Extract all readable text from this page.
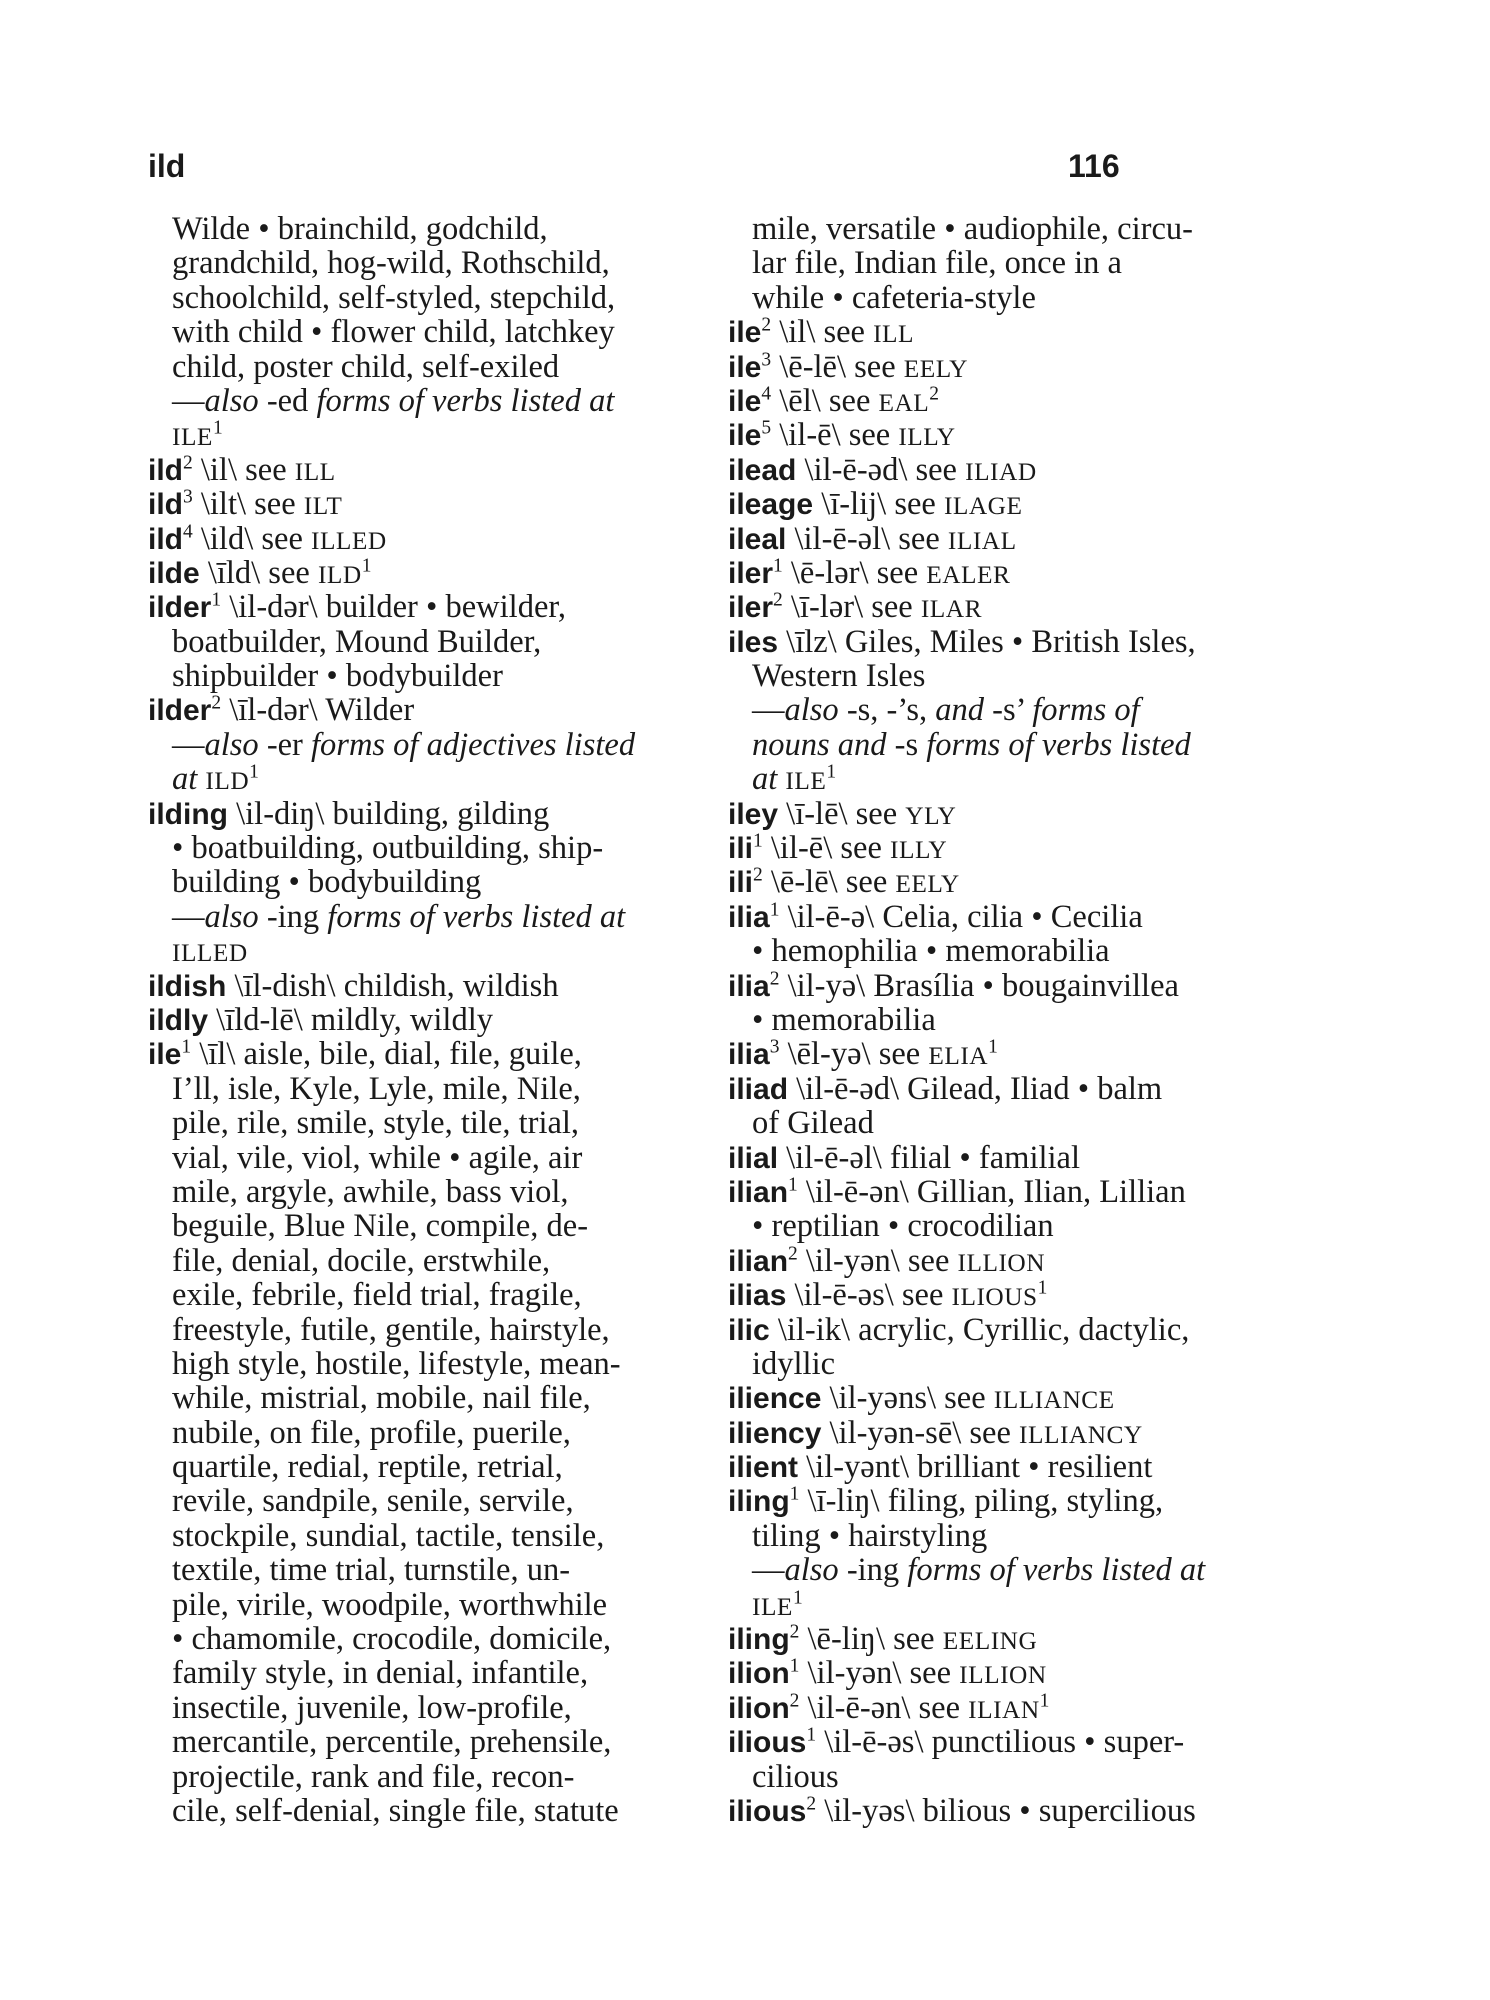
ild	116
Wilde • brainchild, godchild,
grandchild, hog-wild, Rothschild,
schoolchild, self-styled, stepchild,
with child • flower child, latchkey
child, poster child, self-exiled
—also -ed forms of verbs listed at
ILE$^1$
ild$^2$ \il\ see ILL
ild$^3$ \ilt\ see ILT
ild$^4$ \ild\ see ILLED
ilde \īld\ see ILD$^1$
ilder$^1$ \il-dər\ builder • bewilder,
boatbuilder, Mound Builder,
shipbuilder • bodybuilder
ilder$^2$ \īl-dər\ Wilder
—also -er forms of adjectives listed
at ILD$^1$
ilding \il-diŋ\ building, gilding
• boatbuilding, outbuilding, ship-
building • bodybuilding
—also -ing forms of verbs listed at
ILLED
ildish \īl-dish\ childish, wildish
ildly \īld-lē\ mildly, wildly
ile$^1$ \īl\ aisle, bile, dial, file, guile,
I’ll, isle, Kyle, Lyle, mile, Nile,
pile, rile, smile, style, tile, trial,
vial, vile, viol, while • agile, air
mile, argyle, awhile, bass viol,
beguile, Blue Nile, compile, de-
file, denial, docile, erstwhile,
exile, febrile, field trial, fragile,
freestyle, futile, gentile, hairstyle,
high style, hostile, lifestyle, mean-
while, mistrial, mobile, nail file,
nubile, on file, profile, puerile,
quartile, redial, reptile, retrial,
revile, sandpile, senile, servile,
stockpile, sundial, tactile, tensile,
textile, time trial, turnstile, un-
pile, virile, woodpile, worthwhile
• chamomile, crocodile, domicile,
family style, in denial, infantile,
insectile, juvenile, low-profile,
mercantile, percentile, prehensile,
projectile, rank and file, recon-
cile, self-denial, single file, statute
mile, versatile • audiophile, circu-
lar file, Indian file, once in a
while • cafeteria-style
ile$^2$ \il\ see ILL
ile$^3$ \ē-lē\ see EELY
ile$^4$ \ēl\ see EAL$^2$
ile$^5$ \il-ē\ see ILLY
ilead \il-ē-əd\ see ILIAD
ileage \ī-lij\ see ILAGE
ileal \il-ē-əl\ see ILIAL
iler$^1$ \ē-lər\ see EALER
iler$^2$ \ī-lər\ see ILAR
iles \īlz\ Giles, Miles • British Isles,
Western Isles
—also -s, -’s, and -s’ forms of
nouns and -s forms of verbs listed
at ILE$^1$
iley \ī-lē\ see YLY
ili$^1$ \il-ē\ see ILLY
ili$^2$ \ē-lē\ see EELY
ilia$^1$ \il-ē-ə\ Celia, cilia • Cecilia
• hemophilia • memorabilia
ilia$^2$ \il-yə\ Brasília • bougainvillea
• memorabilia
ilia$^3$ \ēl-yə\ see ELIA$^1$
iliad \il-ē-əd\ Gilead, Iliad • balm
of Gilead
ilial \il-ē-əl\ filial • familial
ilian$^1$ \il-ē-ən\ Gillian, Ilian, Lillian
• reptilian • crocodilian
ilian$^2$ \il-yən\ see ILLION
ilias \il-ē-əs\ see ILIOUS$^1$
ilic \il-ik\ acrylic, Cyrillic, dactylic,
idyllic
ilience \il-yəns\ see ILLIANCE
iliency \il-yən-sē\ see ILLIANCY
ilient \il-yənt\ brilliant • resilient
iling$^1$ \ī-liŋ\ filing, piling, styling,
tiling • hairstyling
—also -ing forms of verbs listed at
ILE$^1$
iling$^2$ \ē-liŋ\ see EELING
ilion$^1$ \il-yən\ see ILLION
ilion$^2$ \il-ē-ən\ see ILIAN$^1$
ilious$^1$ \il-ē-əs\ punctilious • super-
cilious
ilious$^2$ \il-yəs\ bilious • supercilious
